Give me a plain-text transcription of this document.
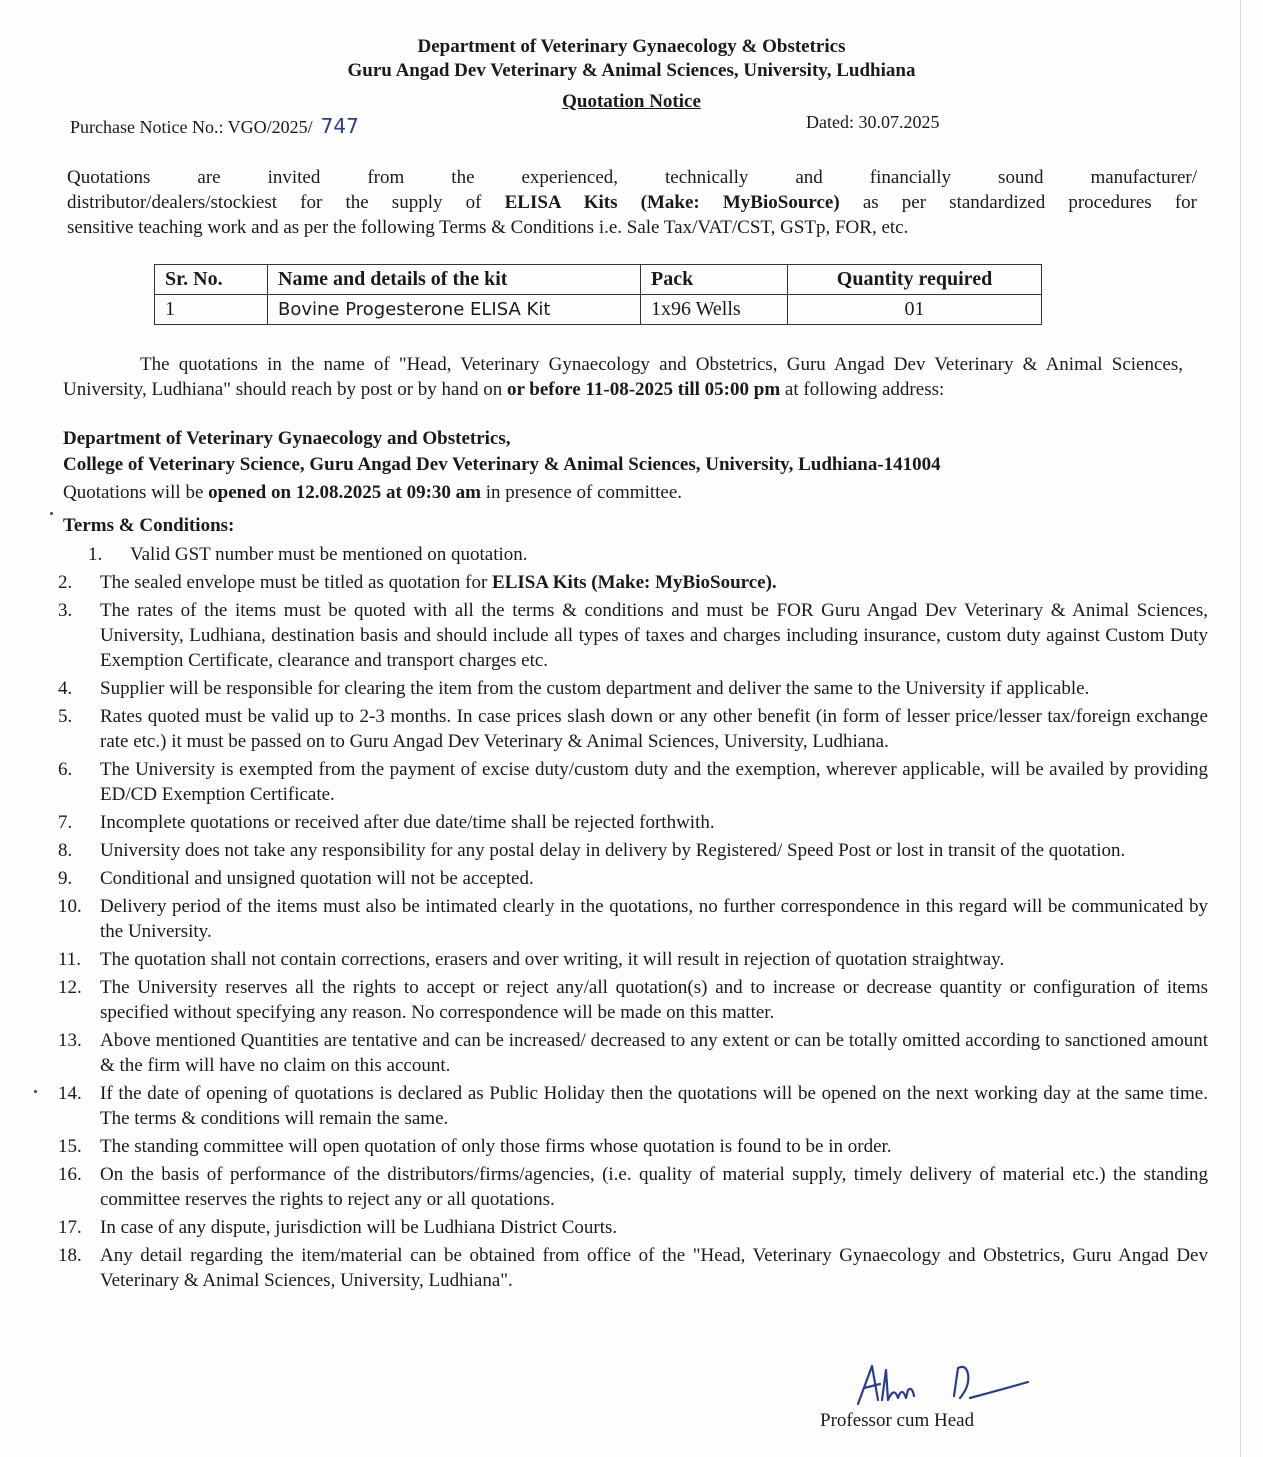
Department of Veterinary Gynaecology & Obstetrics
Guru Angad Dev Veterinary & Animal Sciences, University, Ludhiana
Quotation Notice
Purchase Notice No.: VGO/2025/ 747	Dated: 30.07.2025
Quotations are invited from the experienced, technically and financially sound manufacturer/
distributor/dealers/stockiest for the supply of ELISA Kits (Make: MyBioSource) as per standardized procedures for
sensitive teaching work and as per the following Terms & Conditions i.e. Sale Tax/VAT/CST, GSTp, FOR, etc.
Sr. No.	Name and details of the kit	Pack	Quantity required
1	Bovine Progesterone ELISA Kit	1x96 Wells	01
The quotations in the name of "Head, Veterinary Gynaecology and Obstetrics, Guru Angad Dev Veterinary & Animal Sciences, University, Ludhiana" should reach by post or by hand on or before 11-08-2025 till 05:00 pm at following address:
Department of Veterinary Gynaecology and Obstetrics,
College of Veterinary Science, Guru Angad Dev Veterinary & Animal Sciences, University, Ludhiana-141004
Quotations will be opened on 12.08.2025 at 09:30 am in presence of committee.
Terms & Conditions:
1.	Valid GST number must be mentioned on quotation.
2.	The sealed envelope must be titled as quotation for ELISA Kits (Make: MyBioSource).
3.	The rates of the items must be quoted with all the terms & conditions and must be FOR Guru Angad Dev Veterinary & Animal Sciences, University, Ludhiana, destination basis and should include all types of taxes and charges including insurance, custom duty against Custom Duty Exemption Certificate, clearance and transport charges etc.
4.	Supplier will be responsible for clearing the item from the custom department and deliver the same to the University if applicable.
5.	Rates quoted must be valid up to 2-3 months. In case prices slash down or any other benefit (in form of lesser price/lesser tax/foreign exchange rate etc.) it must be passed on to Guru Angad Dev Veterinary & Animal Sciences, University, Ludhiana.
6.	The University is exempted from the payment of excise duty/custom duty and the exemption, wherever applicable, will be availed by providing ED/CD Exemption Certificate.
7.	Incomplete quotations or received after due date/time shall be rejected forthwith.
8.	University does not take any responsibility for any postal delay in delivery by Registered/ Speed Post or lost in transit of the quotation.
9.	Conditional and unsigned quotation will not be accepted.
10. Delivery period of the items must also be intimated clearly in the quotations, no further correspondence in this regard will be communicated by the University.
11. The quotation shall not contain corrections, erasers and over writing, it will result in rejection of quotation straightway.
12. The University reserves all the rights to accept or reject any/all quotation(s) and to increase or decrease quantity or configuration of items specified without specifying any reason. No correspondence will be made on this matter.
13. Above mentioned Quantities are tentative and can be increased/ decreased to any extent or can be totally omitted according to sanctioned amount & the firm will have no claim on this account.
14. If the date of opening of quotations is declared as Public Holiday then the quotations will be opened on the next working day at the same time. The terms & conditions will remain the same.
15. The standing committee will open quotation of only those firms whose quotation is found to be in order.
16. On the basis of performance of the distributors/firms/agencies, (i.e. quality of material supply, timely delivery of material etc.) the standing committee reserves the rights to reject any or all quotations.
17. In case of any dispute, jurisdiction will be Ludhiana District Courts.
18. Any detail regarding the item/material can be obtained from office of the "Head, Veterinary Gynaecology and Obstetrics, Guru Angad Dev Veterinary & Animal Sciences, University, Ludhiana".
Professor cum Head
